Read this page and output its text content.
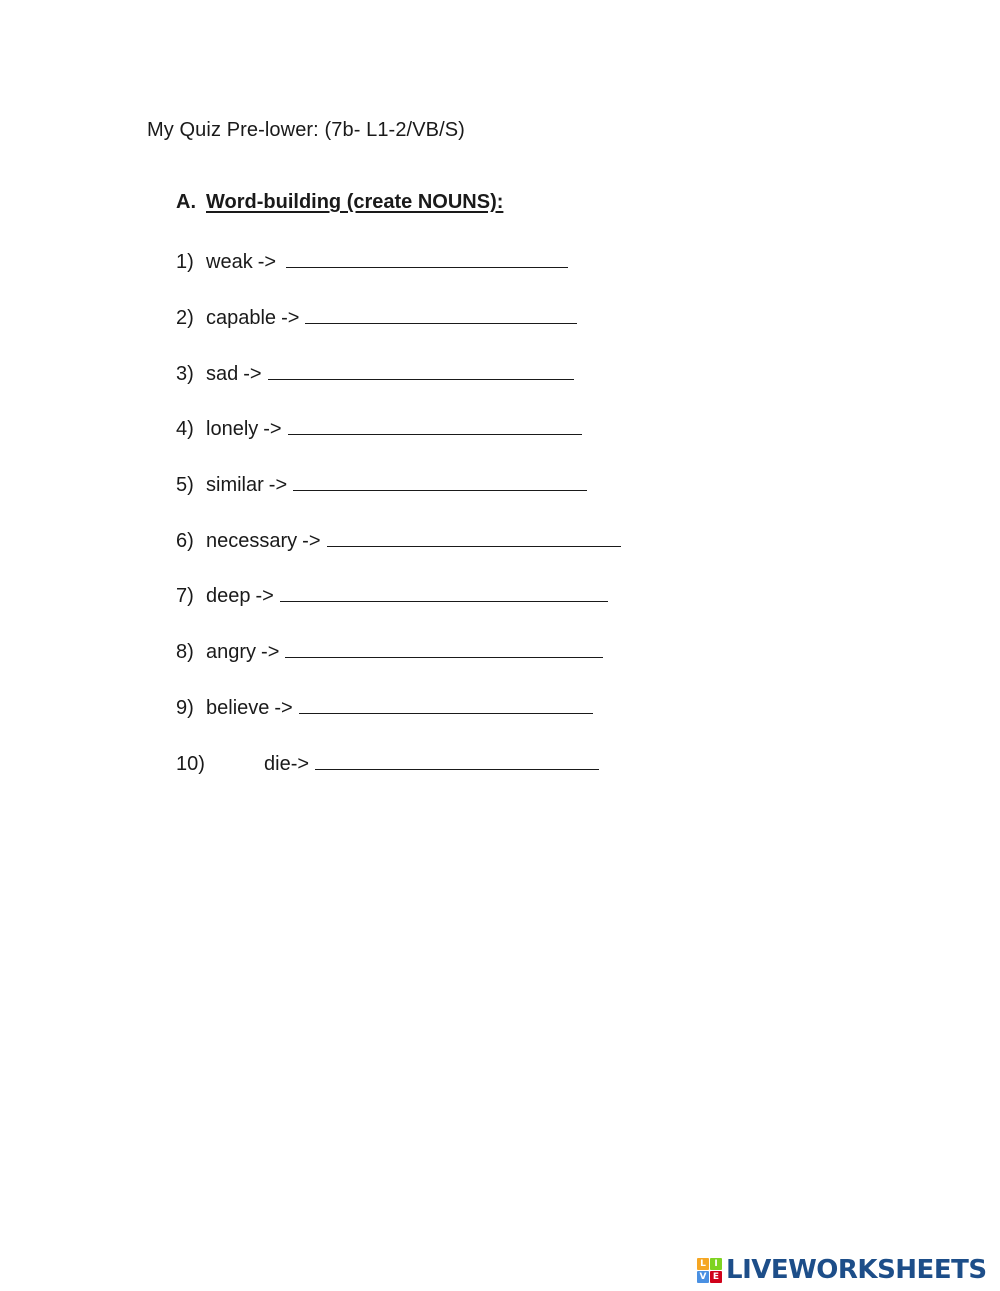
My Quiz Pre-lower: (7b- L1-2/VB/S)
A. Word-building (create NOUNS):
1) weak ->
2) capable ->
3) sad ->
4) lonely ->
5) similar ->
6) necessary ->
7) deep ->
8) angry ->
9) believe ->
10)	die ->
L I
V E LIVEWORKSHEETS
